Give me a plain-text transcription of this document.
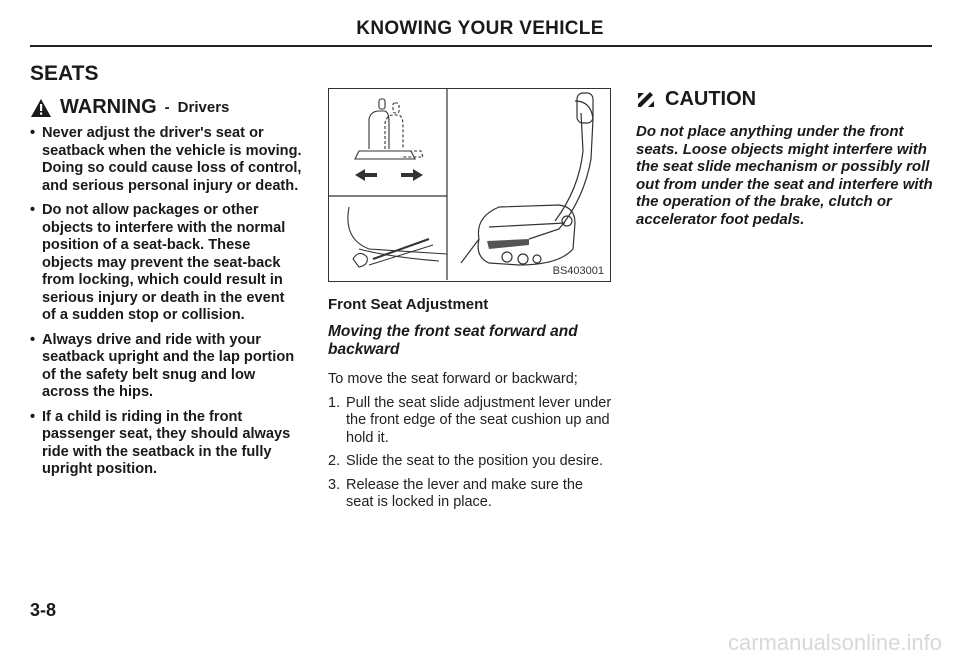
KNOWING YOUR VEHICLE
SEATS
WARNING - Drivers
• Never adjust the driver's seat or seatback when the vehicle is moving. Doing so could cause loss of control, and serious personal injury or death.
• Do not allow packages or other objects to interfere with the normal position of a seat-back. These objects may prevent the seat-back from locking, which could result in serious injury or death in the event of a sudden stop or collision.
• Always drive and ride with your seatback upright and the lap portion of the safety belt snug and low across the hips.
• If a child is riding in the front passenger seat, they should always ride with the seatback in the fully upright position.
BS403001
Front Seat Adjustment
Moving the front seat forward and backward

To move the seat forward or backward;

1. Pull the seat slide adjustment lever under the front edge of the seat cushion up and hold it.
2. Slide the seat to the position you desire.
3. Release the lever and make sure the seat is locked in place.
CAUTION

Do not place anything under the front seats. Loose objects might interfere with the seat slide mechanism or possibly roll out from under the seat and interfere with the operation of the brake, clutch or accelerator foot pedals.

3-8
carmanualsonline.info
